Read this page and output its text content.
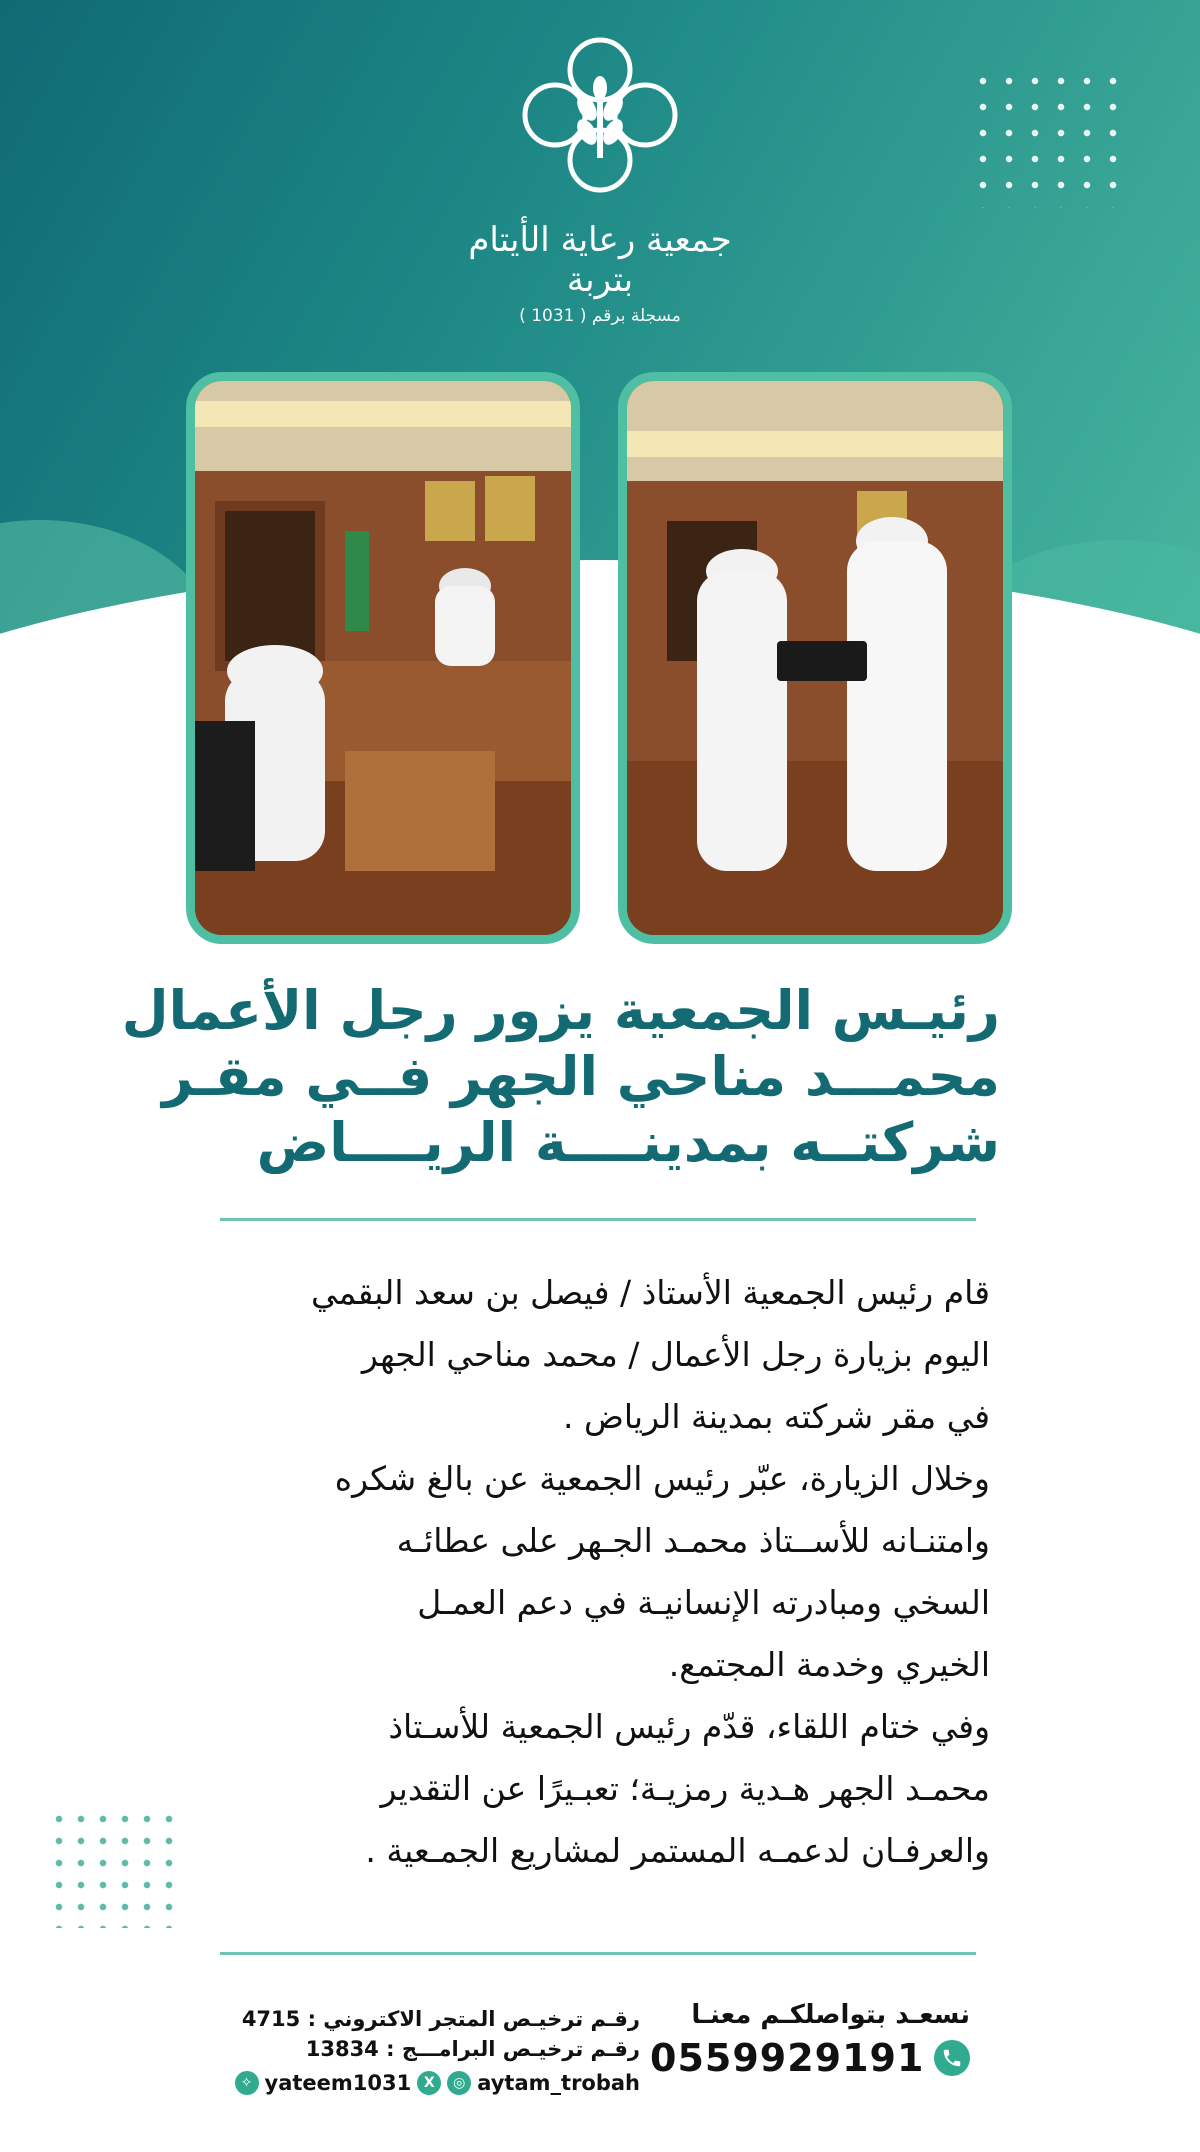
جمعية رعاية الأيتام بتربة
مسجلة برقم ( 1031 )
رئيـس الجمعية يزور رجل الأعمال
محمـــد مناحي الجهر فــي مقـر
شركتــه بمدينــــة الريــــاض
قام رئيس الجمعية الأستاذ / فيصل بن سعد البقمي
اليوم بزيارة رجل الأعمال / محمد مناحي الجهر
في مقر شركته بمدينة الرياض .
وخلال الزيارة، عبّر رئيس الجمعية عن بالغ شكره
وامتنـانه للأســتاذ محمـد الجـهر على عطائـه
السخي ومبادرته الإنسانيـة في دعم العمـل
الخيري وخدمة المجتمع.
وفي ختام اللقاء، قدّم رئيس الجمعية للأسـتاذ
محمـد الجهر هـدية رمزيـة؛ تعبـيرًا عن التقدير
والعرفـان لدعمـه المستمر لمشاريع الجمـعية .
نسعـد بتواصلكـم معنـا
0559929191
رقـم ترخيـص المتجر الاكتروني : 4715
رقـم ترخيـص البرامـــج : 13834
✧ yateem1031 X	◎ aytam_trobah
